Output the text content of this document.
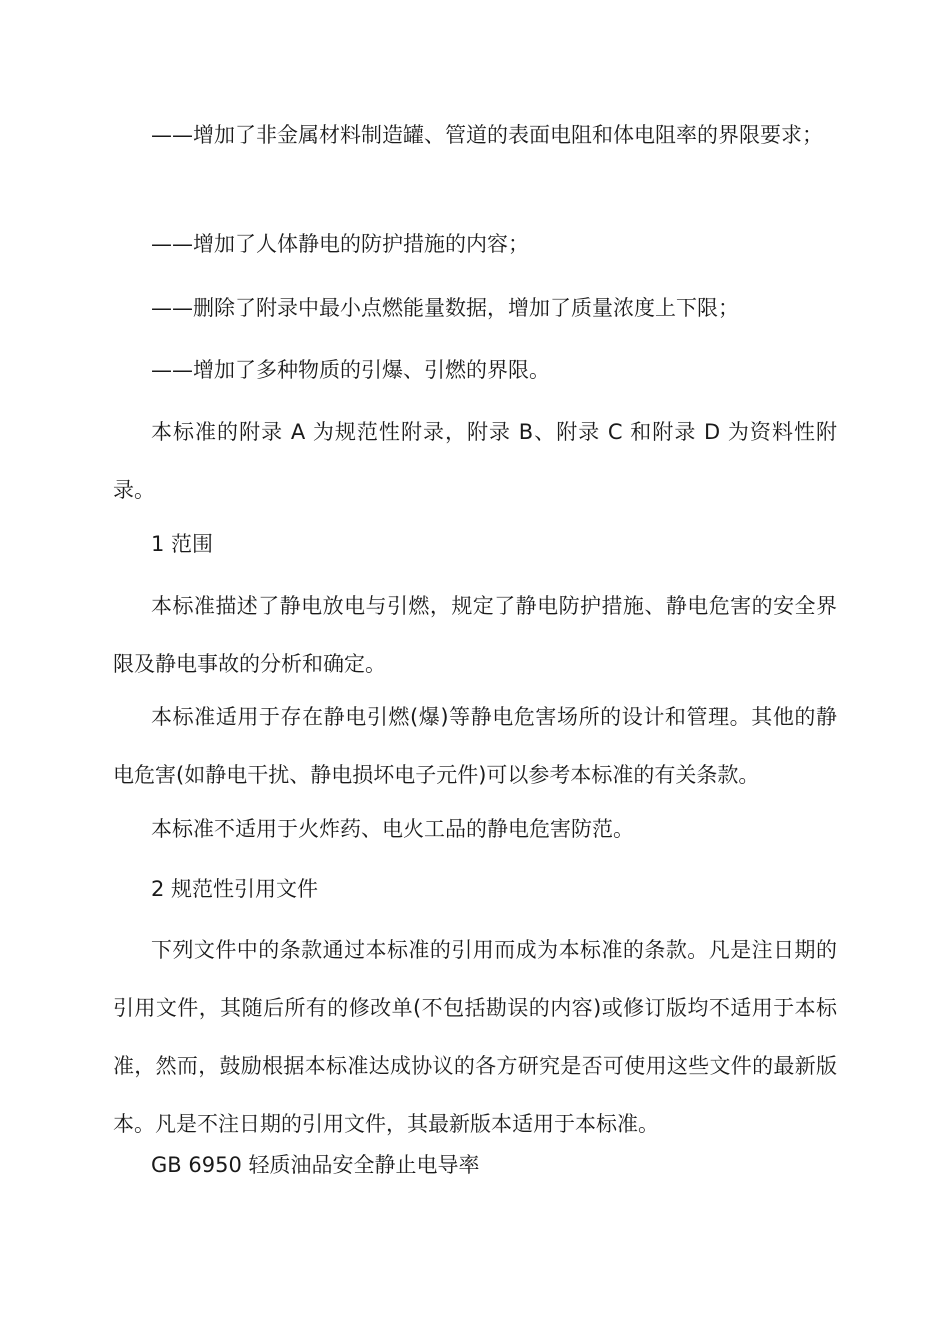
——增加了非金属材料制造罐、管道的表面电阻和体电阻率的界限要求；

——增加了人体静电的防护措施的内容；

——删除了附录中最小点燃能量数据，增加了质量浓度上下限；

——增加了多种物质的引爆、引燃的界限。

本标准的附录 A 为规范性附录，附录 B、附录 C 和附录 D 为资料性附录。

1 范围

本标准描述了静电放电与引燃，规定了静电防护措施、静电危害的安全界限及静电事故的分析和确定。

本标准适用于存在静电引燃(爆)等静电危害场所的设计和管理。其他的静电危害(如静电干扰、静电损坏电子元件)可以参考本标准的有关条款。

本标准不适用于火炸药、电火工品的静电危害防范。

2 规范性引用文件

下列文件中的条款通过本标准的引用而成为本标准的条款。凡是注日期的引用文件，其随后所有的修改单(不包括勘误的内容)或修订版均不适用于本标准，然而，鼓励根据本标准达成协议的各方研究是否可使用这些文件的最新版本。凡是不注日期的引用文件，其最新版本适用于本标准。

GB 6950 轻质油品安全静止电导率
